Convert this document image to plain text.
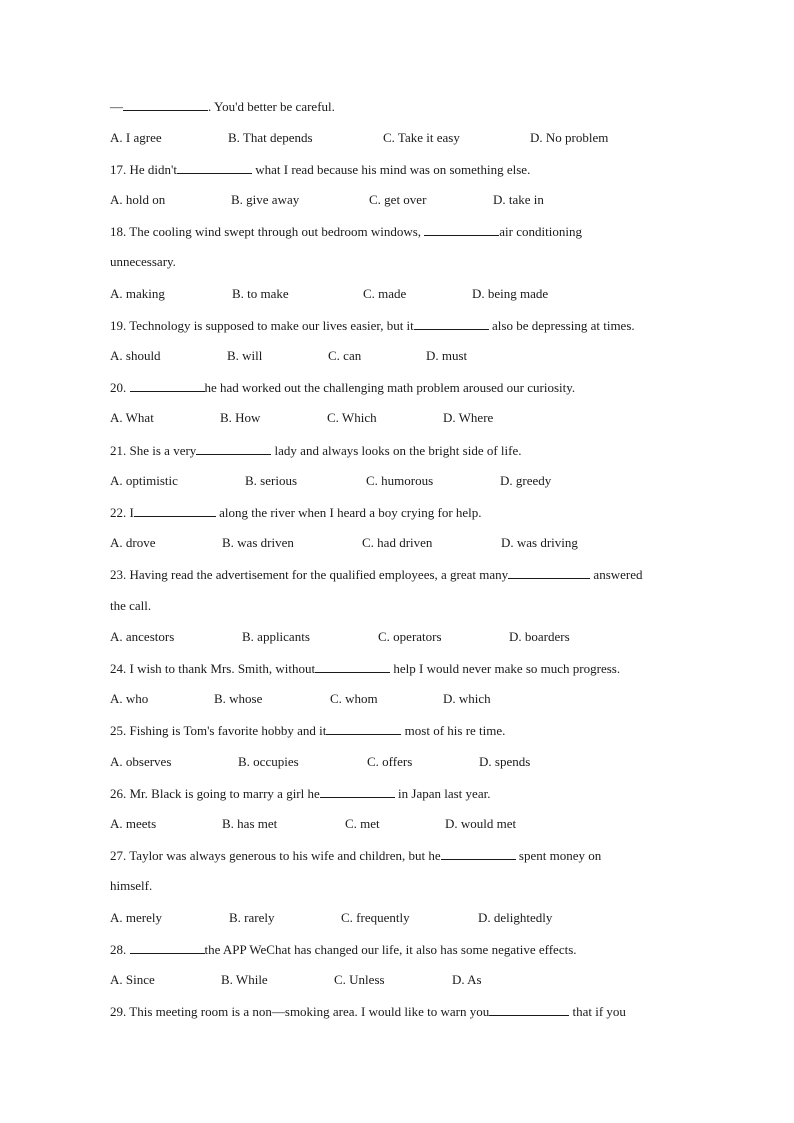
—	. You'd better be careful.
A. I agree	B. That depends	C. Take it easy	D. No problem
17. He didn't	what I read because his mind was on something else.
A. hold on	B. give away	C. get over	D. take in
18. The cooling wind swept through out bedroom windows,	air conditioning
unnecessary.
A. making	B. to make	C. made	D. being made
19. Technology is supposed to make our lives easier, but it	also be depressing at times.
A. should	B. will	C. can	D. must
20.	he had worked out the challenging math problem aroused our curiosity.
A. What	B. How	C. Which	D. Where
21. She is a very	lady and always looks on the bright side of life.
A. optimistic	B. serious	C. humorous	D. greedy
22. I	along the river when I heard a boy crying for help.
A. drove	B. was driven	C. had driven	D. was driving
23. Having read the advertisement for the qualified employees, a great many	answered
the call.
A. ancestors	B. applicants	C. operators	D. boarders
24. I wish to thank Mrs. Smith, without	help I would never make so much progress.
A. who	B. whose	C. whom	D. which
25. Fishing is Tom's favorite hobby and it	most of his re time.
A. observes	B. occupies	C. offers	D. spends
26. Mr. Black is going to marry a girl he	in Japan last year.
A. meets	B. has met	C. met	D. would met
27. Taylor was always generous to his wife and children, but he	spent money on
himself.
A. merely	B. rarely	C. frequently	D. delightedly
28.	the APP WeChat has changed our life, it also has some negative effects.
A. Since	B. While	C. Unless	D. As
29. This meeting room is a non—smoking area. I would like to warn you	that if you
